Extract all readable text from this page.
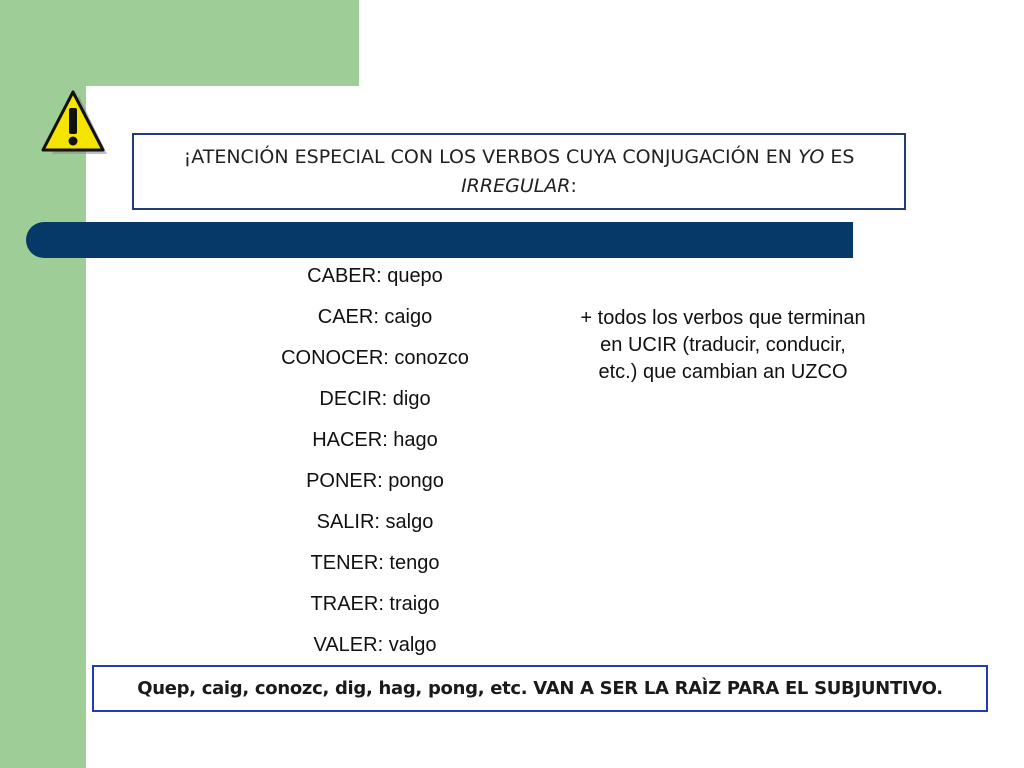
¡ATENCIÓN ESPECIAL CON LOS VERBOS CUYA CONJUGACIÓN EN YO ES IRREGULAR:
CABER: quepo
CAER: caigo
CONOCER: conozco
DECIR: digo
HACER: hago
PONER: pongo
SALIR: salgo
TENER: tengo
TRAER: traigo
VALER: valgo
+ todos los verbos que terminan en UCIR (traducir, conducir, etc.) que cambian an UZCO
Quep, caig, conozc, dig, hag, pong, etc. VAN A SER LA RAÌZ PARA EL SUBJUNTIVO.
